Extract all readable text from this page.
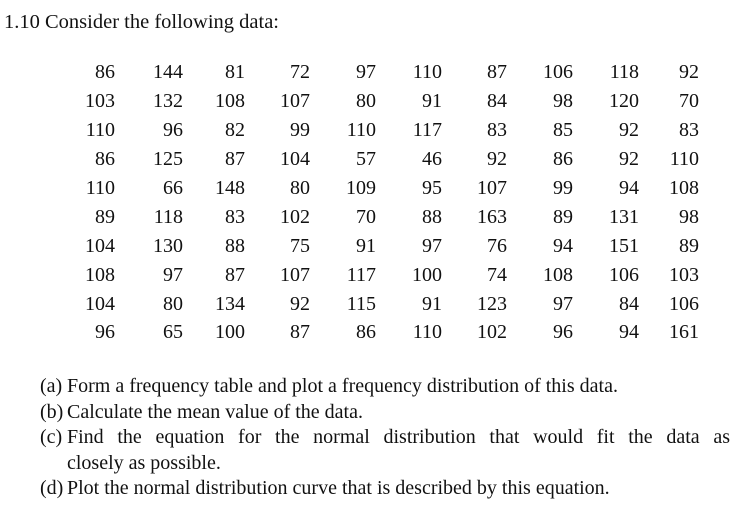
1.10 Consider the following data:
86	144	81	72	97	110	87	106	118	92
103	132	108	107	80	91	84	98	120	70
110	96	82	99	110	117	83	85	92	83
86	125	87	104	57	46	92	86	92	110
110	66	148	80	109	95	107	99	94	108
89	118	83	102	70	88	163	89	131	98
104	130	88	75	91	97	76	94	151	89
108	97	87	107	117	100	74	108	106	103
104	80	134	92	115	91	123	97	84	106
96	65	100	87	86	110	102	96	94	161
(a) Form a frequency table and plot a frequency distribution of this data.
(b) Calculate the mean value of the data.
(c) Find the equation for the normal distribution that would fit the data as
closely as possible.
(d) Plot the normal distribution curve that is described by this equation.
